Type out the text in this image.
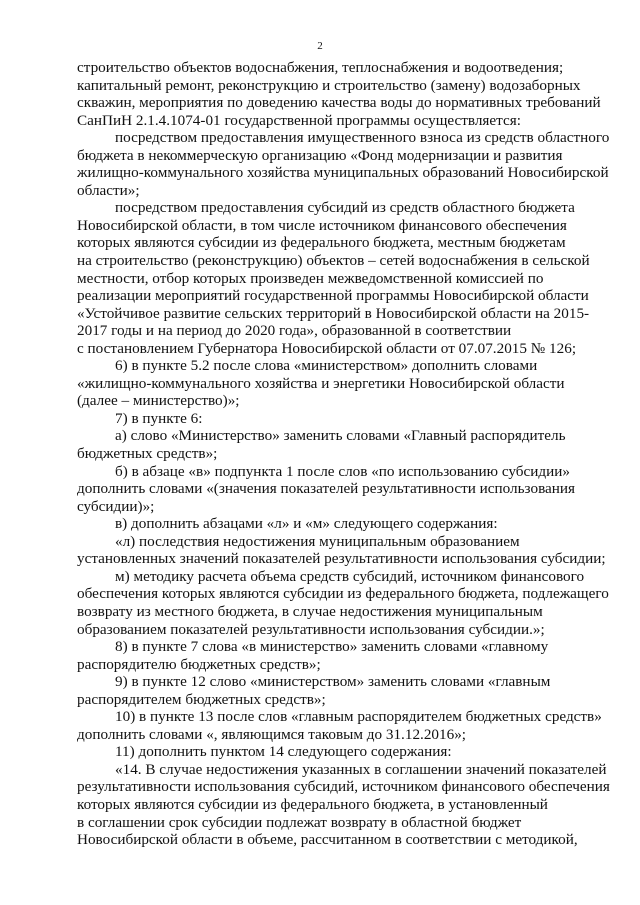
2

строительство объектов водоснабжения, теплоснабжения и водоотведения;
капитальный ремонт, реконструкцию и строительство (замену) водозаборных
скважин, мероприятия по доведению качества воды до нормативных требований
СанПиН 2.1.4.1074-01 государственной программы осуществляется:

посредством предоставления имущественного взноса из средств областного
бюджета в некоммерческую организацию «Фонд модернизации и развития
жилищно-коммунального хозяйства муниципальных образований Новосибирской
области»;

посредством предоставления субсидий из средств областного бюджета
Новосибирской области, в том числе источником финансового обеспечения
которых являются субсидии из федерального бюджета, местным бюджетам
на строительство (реконструкцию) объектов – сетей водоснабжения в сельской
местности, отбор которых произведен межведомственной комиссией по
реализации мероприятий государственной программы Новосибирской области
«Устойчивое развитие сельских территорий в Новосибирской области на 2015-
2017 годы и на период до 2020 года», образованной в соответствии
с постановлением Губернатора Новосибирской области от 07.07.2015 № 126;

6) в пункте 5.2 после слова «министерством» дополнить словами
«жилищно-коммунального хозяйства и энергетики Новосибирской области
(далее – министерство)»;

7) в пункте 6:

а) слово «Министерство» заменить словами «Главный распорядитель
бюджетных средств»;

б) в абзаце «в» подпункта 1 после слов «по использованию субсидии»
дополнить словами «(значения показателей результативности использования
субсидии)»;

в) дополнить абзацами «л» и «м» следующего содержания:

«л) последствия недостижения муниципальным образованием
установленных значений показателей результативности использования субсидии;

м) методику расчета объема средств субсидий, источником финансового
обеспечения которых являются субсидии из федерального бюджета, подлежащего
возврату из местного бюджета, в случае недостижения муниципальным
образованием показателей результативности использования субсидии.»;

8) в пункте 7 слова «в министерство» заменить словами «главному
распорядителю бюджетных средств»;

9) в пункте 12 слово «министерством» заменить словами «главным
распорядителем бюджетных средств»;

10) в пункте 13 после слов «главным распорядителем бюджетных средств»
дополнить словами «, являющимся таковым до 31.12.2016»;

11) дополнить пунктом 14 следующего содержания:

«14. В случае недостижения указанных в соглашении значений показателей
результативности использования субсидий, источником финансового обеспечения
которых являются субсидии из федерального бюджета, в установленный
в соглашении срок субсидии подлежат возврату в областной бюджет
Новосибирской области в объеме, рассчитанном в соответствии с методикой,
